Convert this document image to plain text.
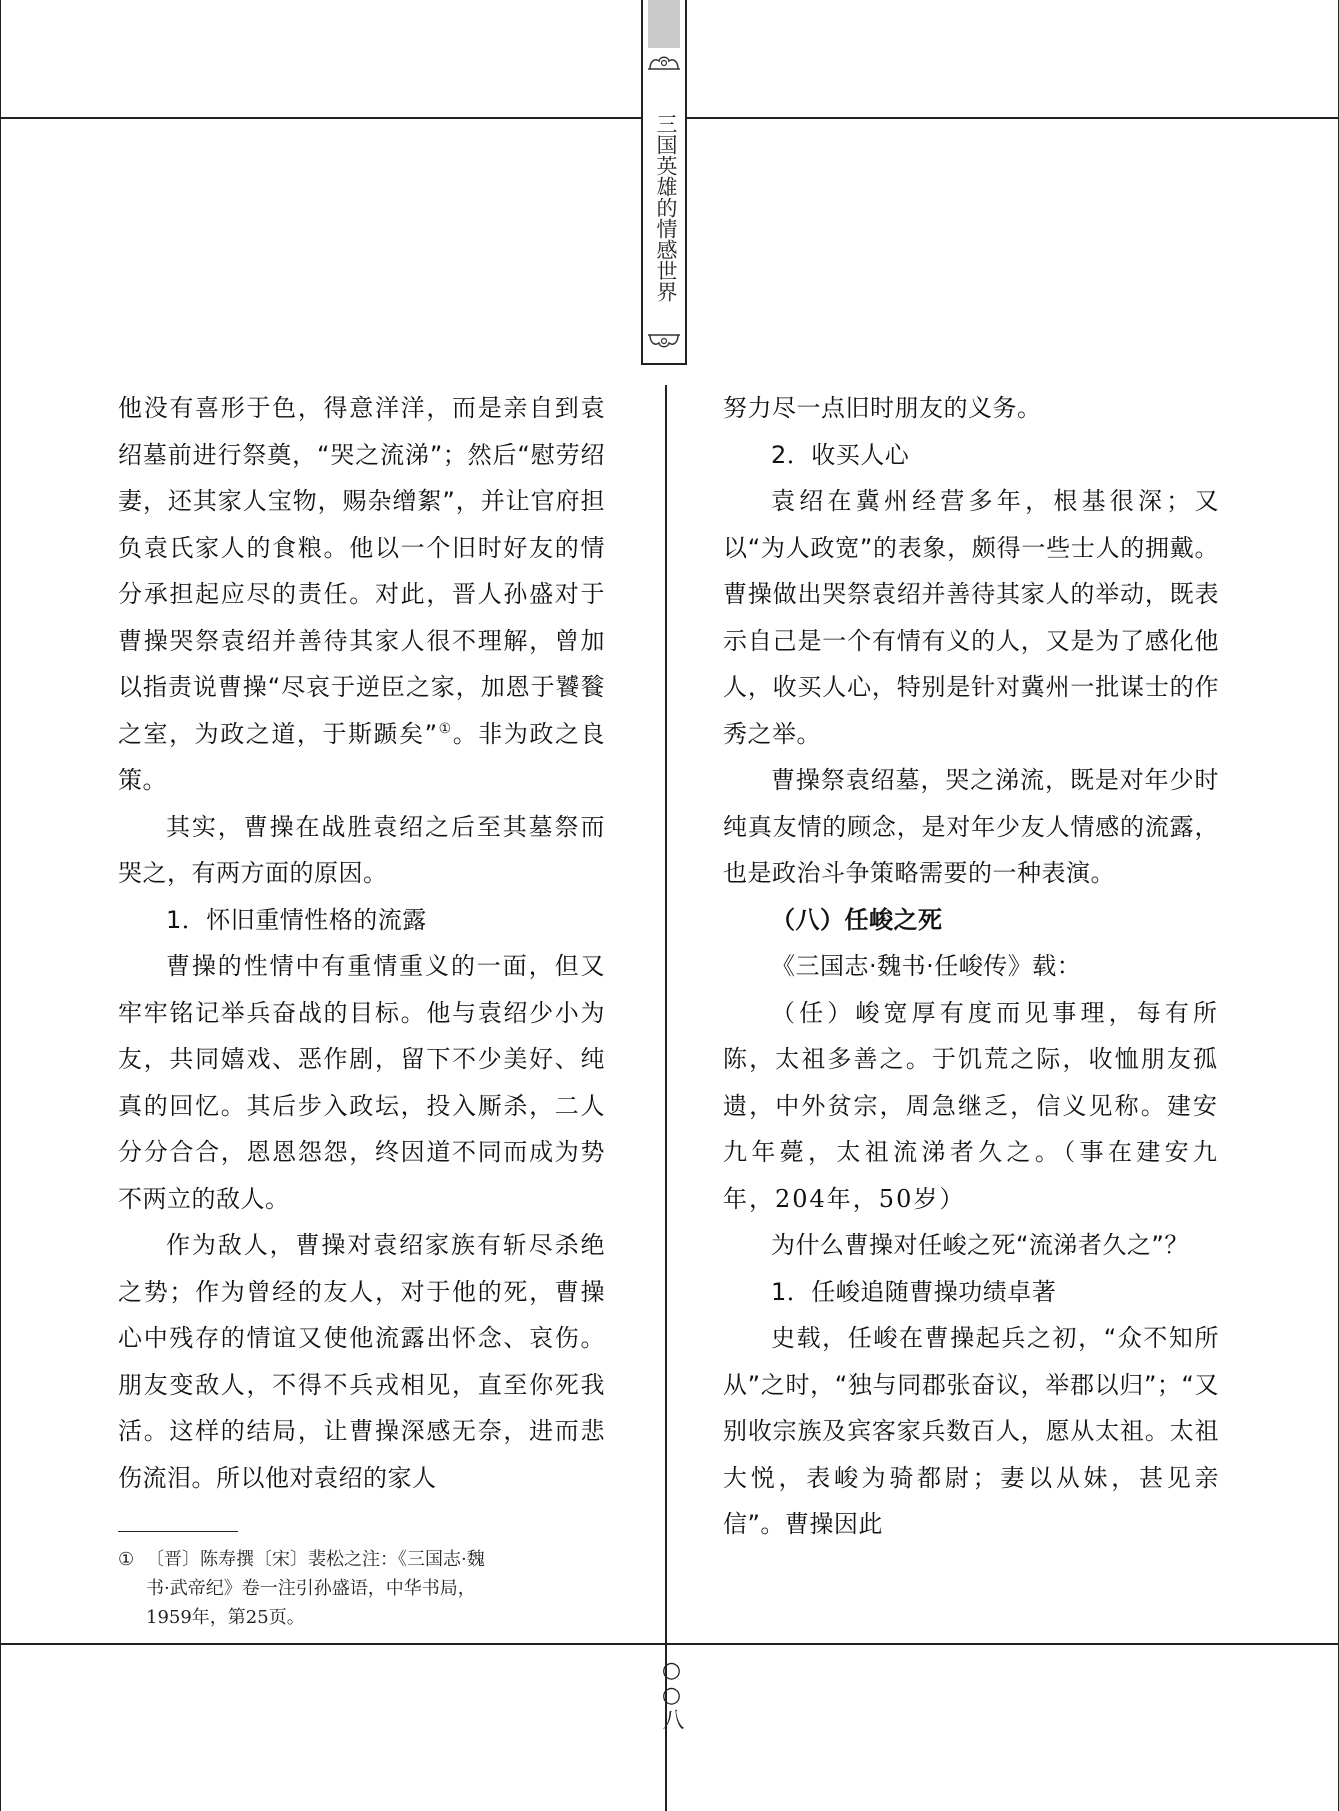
三国英雄的情感世界

他没有喜形于色，得意洋洋，而是亲自到袁绍墓前进行祭奠，“哭之流涕”；然后“慰劳绍妻，还其家人宝物，赐杂缯絮”，并让官府担负袁氏家人的食粮。他以一个旧时好友的情分承担起应尽的责任。对此，晋人孙盛对于曹操哭祭袁绍并善待其家人很不理解，曾加以指责说曹操“尽哀于逆臣之家，加恩于饕餮之室，为政之道，于斯踬矣”①。非为政之良策。

其实，曹操在战胜袁绍之后至其墓祭而哭之，有两方面的原因。

1．怀旧重情性格的流露

曹操的性情中有重情重义的一面，但又牢牢铭记举兵奋战的目标。他与袁绍少小为友，共同嬉戏、恶作剧，留下不少美好、纯真的回忆。其后步入政坛，投入厮杀，二人分分合合，恩恩怨怨，终因道不同而成为势不两立的敌人。

作为敌人，曹操对袁绍家族有斩尽杀绝之势；作为曾经的友人，对于他的死，曹操心中残存的情谊又使他流露出怀念、哀伤。朋友变敌人，不得不兵戎相见，直至你死我活。这样的结局，让曹操深感无奈，进而悲伤流泪。所以他对袁绍的家人

① 〔晋〕陈寿撰〔宋〕裴松之注：《三国志·魏
书·武帝纪》卷一注引孙盛语，中华书局，
1959年，第25页。

努力尽一点旧时朋友的义务。

2．收买人心

袁绍在冀州经营多年，根基很深；又以“为人政宽”的表象，颇得一些士人的拥戴。曹操做出哭祭袁绍并善待其家人的举动，既表示自己是一个有情有义的人，又是为了感化他人，收买人心，特别是针对冀州一批谋士的作秀之举。

曹操祭袁绍墓，哭之涕流，既是对年少时纯真友情的顾念，是对年少友人情感的流露，也是政治斗争策略需要的一种表演。

（八）任峻之死

《三国志·魏书·任峻传》载：

（任）峻宽厚有度而见事理，每有所陈，太祖多善之。于饥荒之际，收恤朋友孤遗，中外贫宗，周急继乏，信义见称。建安九年薨，太祖流涕者久之。（事在建安九年，204年，50岁）

为什么曹操对任峻之死“流涕者久之”？

1．任峻追随曹操功绩卓著

史载，任峻在曹操起兵之初，“众不知所从”之时，“独与同郡张奋议，举郡以归”；“又别收宗族及宾客家兵数百人，愿从太祖。太祖大悦，表峻为骑都尉；妻以从妹，甚见亲信”。曹操因此

○○八
